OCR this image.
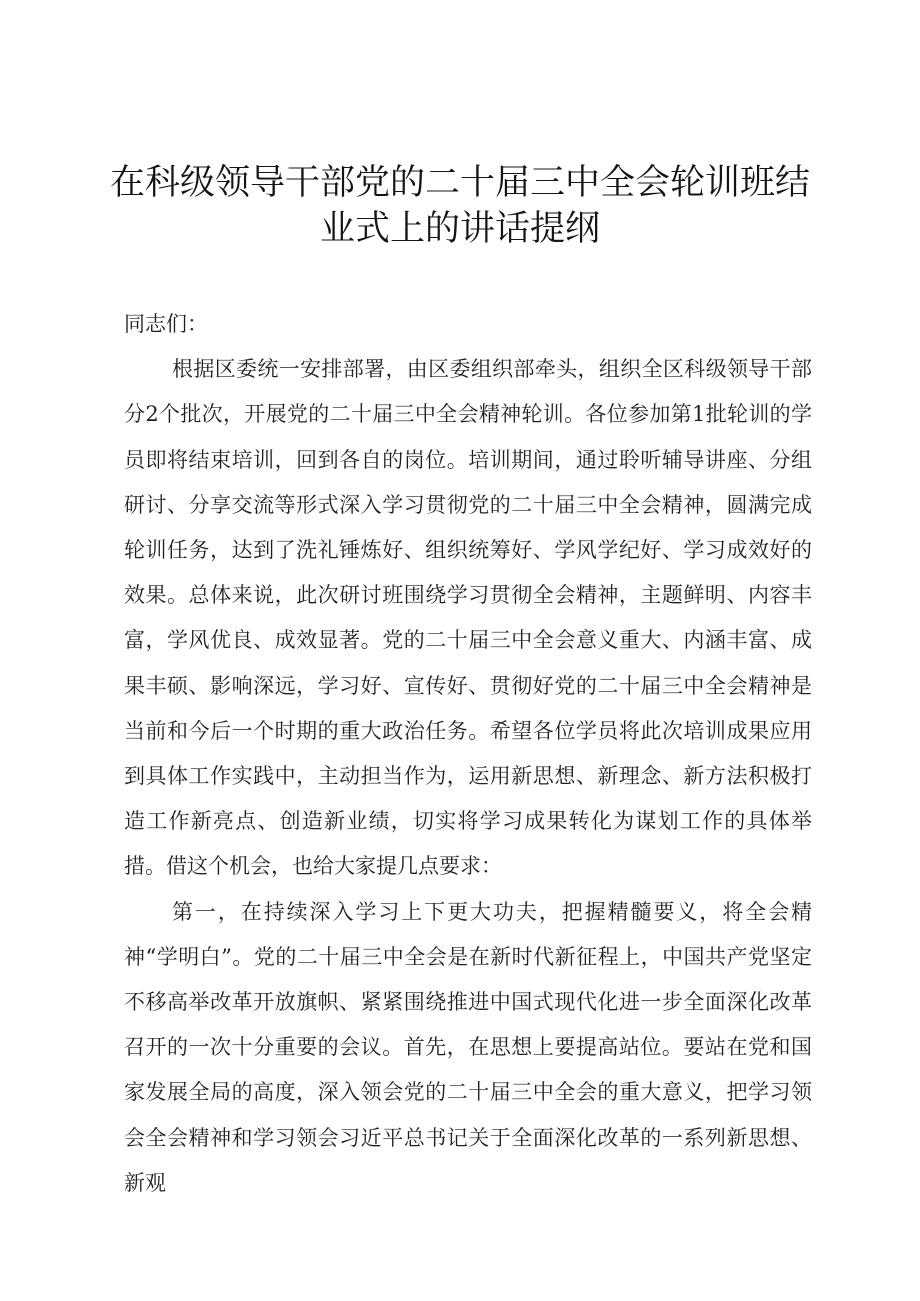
在科级领导干部党的二十届三中全会轮训班结业式上的讲话提纲

同志们：

根据区委统一安排部署，由区委组织部牵头，组织全区科级领导干部分2个批次，开展党的二十届三中全会精神轮训。各位参加第1批轮训的学员即将结束培训，回到各自的岗位。培训期间，通过聆听辅导讲座、分组研讨、分享交流等形式深入学习贯彻党的二十届三中全会精神，圆满完成轮训任务，达到了洗礼锤炼好、组织统筹好、学风学纪好、学习成效好的效果。总体来说，此次研讨班围绕学习贯彻全会精神，主题鲜明、内容丰富，学风优良、成效显著。党的二十届三中全会意义重大、内涵丰富、成果丰硕、影响深远，学习好、宣传好、贯彻好党的二十届三中全会精神是当前和今后一个时期的重大政治任务。希望各位学员将此次培训成果应用到具体工作实践中，主动担当作为，运用新思想、新理念、新方法积极打造工作新亮点、创造新业绩，切实将学习成果转化为谋划工作的具体举措。借这个机会，也给大家提几点要求：

第一，在持续深入学习上下更大功夫，把握精髓要义，将全会精神“学明白”。党的二十届三中全会是在新时代新征程上，中国共产党坚定不移高举改革开放旗帜、紧紧围绕推进中国式现代化进一步全面深化改革召开的一次十分重要的会议。首先，在思想上要提高站位。要站在党和国家发展全局的高度，深入领会党的二十届三中全会的重大意义，把学习领会全会精神和学习领会习近平总书记关于全面深化改革的一系列新思想、新观
